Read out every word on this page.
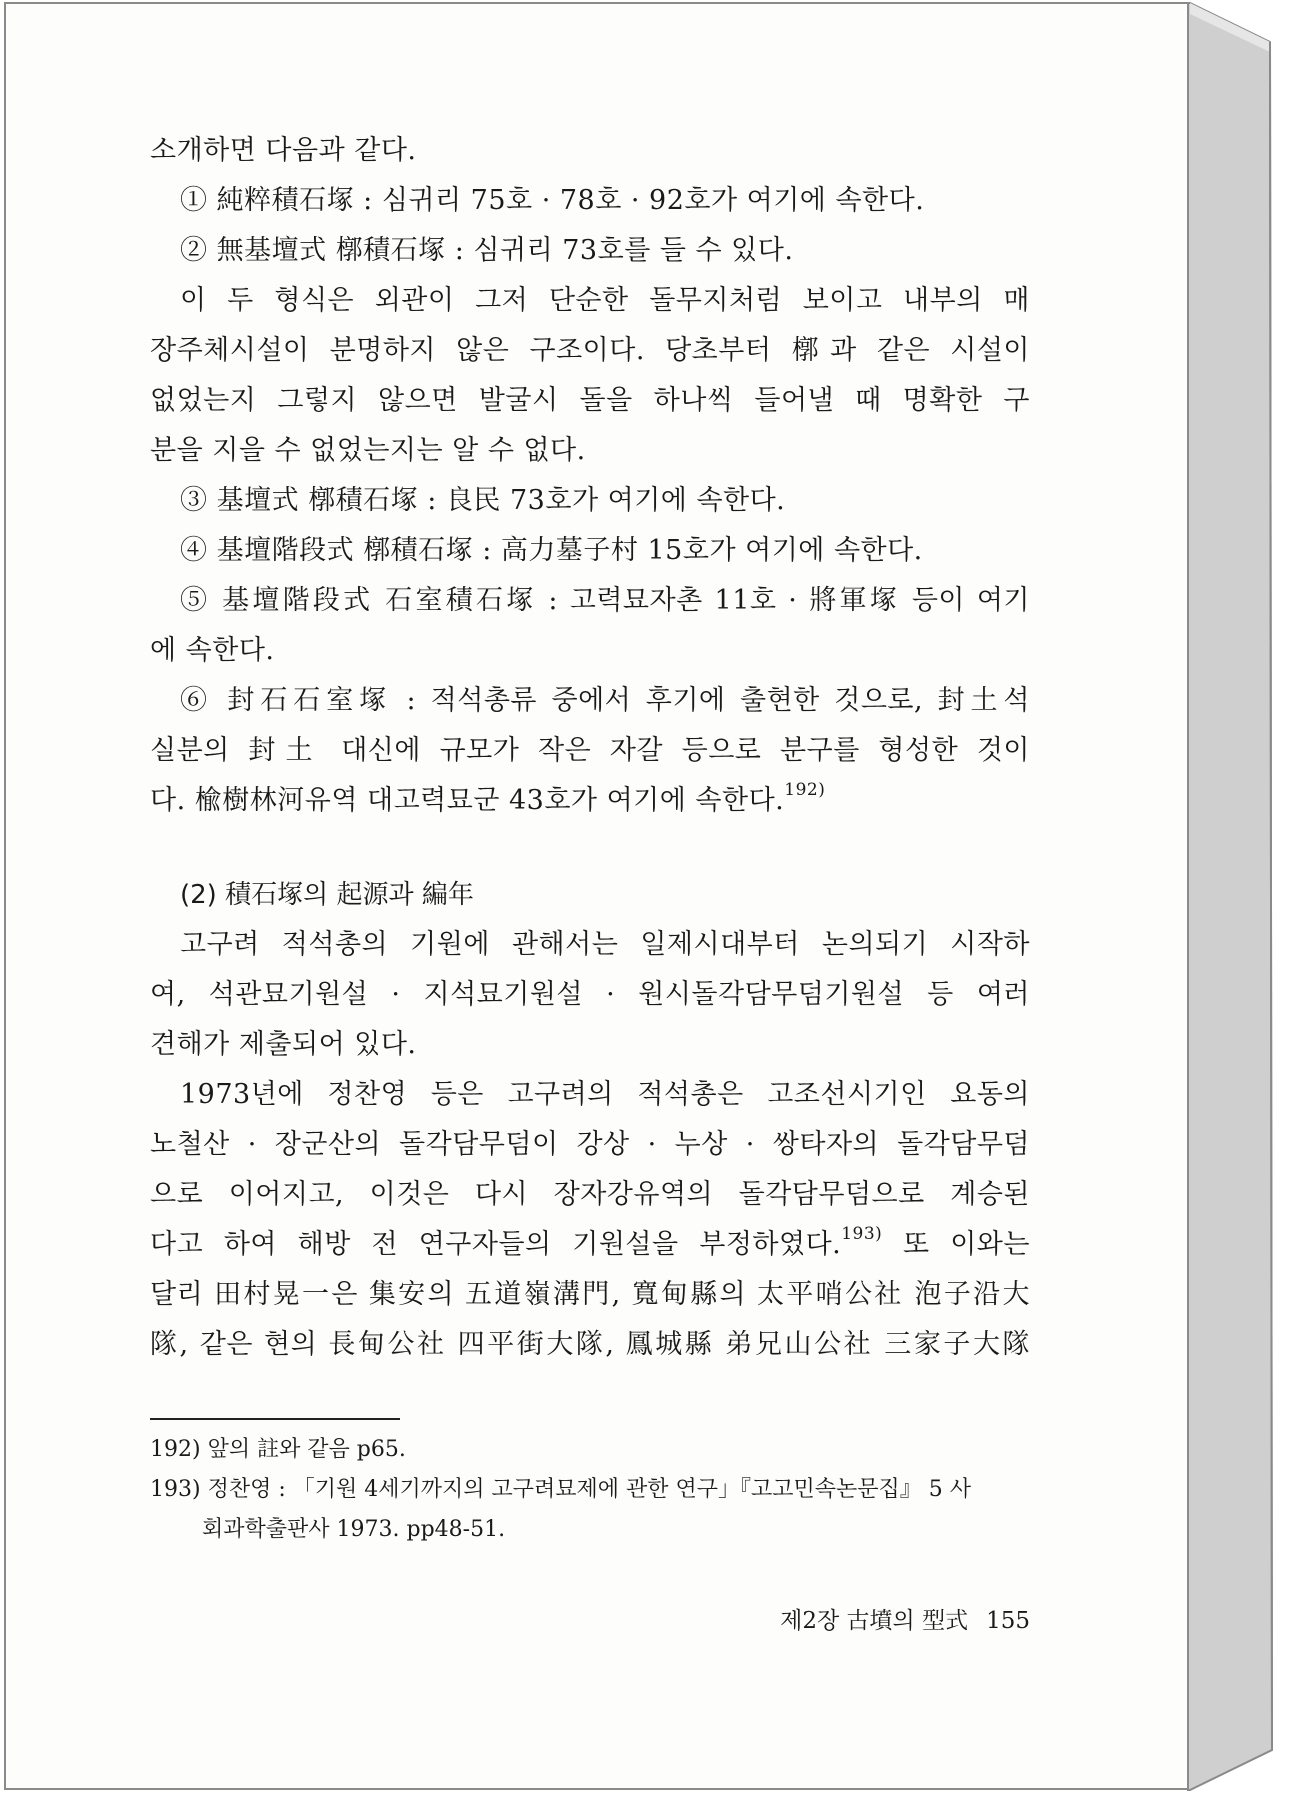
소개하면 다음과 같다.

① 純粹積石塚 : 심귀리 75호 · 78호 · 92호가 여기에 속한다.

② 無基壇式 槨積石塚 : 심귀리 73호를 들 수 있다.

이 두 형식은 외관이 그저 단순한 돌무지처럼 보이고 내부의 매

장주체시설이 분명하지 않은 구조이다. 당초부터 槨과 같은 시설이

없었는지 그렇지 않으면 발굴시 돌을 하나씩 들어낼 때 명확한 구

분을 지을 수 없었는지는 알 수 없다.

③ 基壇式 槨積石塚 : 良民 73호가 여기에 속한다.

④ 基壇階段式 槨積石塚 : 高力墓子村 15호가 여기에 속한다.

⑤ 基壇階段式 石室積石塚 : 고력묘자촌 11호 · 將軍塚 등이 여기

에 속한다.

⑥ 封石石室塚 : 적석총류 중에서 후기에 출현한 것으로, 封土석

실분의 封土 대신에 규모가 작은 자갈 등으로 분구를 형성한 것이

다. 楡樹林河유역 대고력묘군 43호가 여기에 속한다.$^{192)}$

(2) 積石塚의 起源과 編年

고구려 적석총의 기원에 관해서는 일제시대부터 논의되기 시작하

여, 석관묘기원설 · 지석묘기원설 · 원시돌각담무덤기원설 등 여러

견해가 제출되어 있다.

1973년에 정찬영 등은 고구려의 적석총은 고조선시기인 요동의

노철산 · 장군산의 돌각담무덤이 강상 · 누상 · 쌍타자의 돌각담무덤

으로 이어지고, 이것은 다시 장자강유역의 돌각담무덤으로 계승된

다고 하여 해방 전 연구자들의 기원설을 부정하였다.$^{193)}$ 또 이와는

달리 田村晃一은 集安의 五道嶺溝門, 寬甸縣의 太平哨公社 泡子沿大

隊, 같은 현의 長甸公社 四平街大隊, 鳳城縣 弟兄山公社 三家子大隊

192) 앞의 註와 같음 p65.

193) 정찬영 : 「기원 4세기까지의 고구려묘제에 관한 연구」『고고민속논문집』 5 사

회과학출판사 1973. pp48-51.

제2장 古墳의 型式 155
